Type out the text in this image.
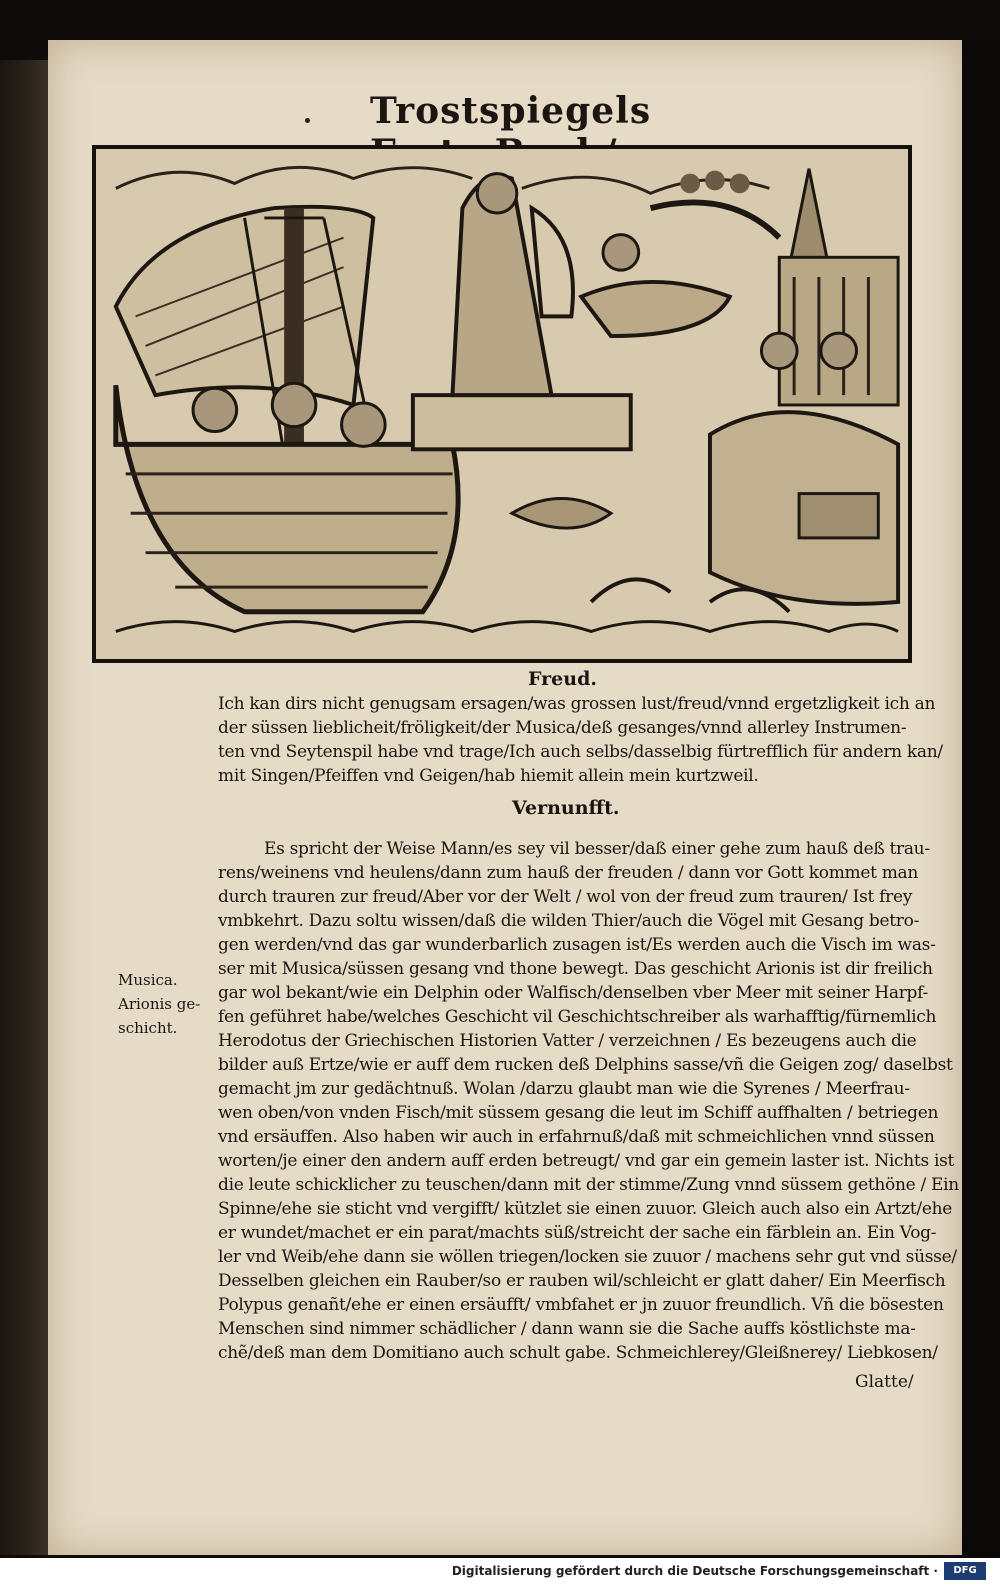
Trostspiegels
Freud.
Ich kan dirs nicht genugsam ersagen/was grossen lust/freud/vnnd ergetzligkeit ich an
der süssen lieblicheit/fröligkeit/der Musica/deß gesanges/vnnd allerley Instrumen-
ten vnd Seytenspil habe vnd trage/Ich auch selbs/dasselbig fürtrefflich für andern kan/
mit Singen/Pfeiffen vnd Geigen/hab hiemit allein mein kurtzweil.
Vernunfft.
Es spricht der Weise Mann/es sey vil besser/daß einer gehe zum hauß deß trau-
rens/weinens vnd heulens/dann zum hauß der freuden / dann vor Gott kommet man
durch trauren zur freud/Aber vor der Welt / wol von der freud zum trauren/ Ist frey
vmbkehrt. Dazu soltu wissen/daß die wilden Thier/auch die Vögel mit Gesang betro-
gen werden/vnd das gar wunderbarlich zusagen ist/Es werden auch die Visch im was-
ser mit Musica/süssen gesang vnd thone bewegt. Das geschicht Arionis ist dir freilich
gar wol bekant/wie ein Delphin oder Walfisch/denselben vber Meer mit seiner Harpf-
fen geführet habe/welches Geschicht vil Geschichtschreiber als warhafftig/fürnemlich
Herodotus der Griechischen Historien Vatter / verzeichnen / Es bezeugens auch die
bilder auß Ertze/wie er auff dem rucken deß Delphins sasse/vñ die Geigen zog/ daselbst
gemacht jm zur gedächtnuß. Wolan /darzu glaubt man wie die Syrenes / Meerfrau-
wen oben/von vnden Fisch/mit süssem gesang die leut im Schiff auffhalten / betriegen
vnd ersäuffen. Also haben wir auch in erfahrnuß/daß mit schmeichlichen vnnd süssen
worten/je einer den andern auff erden betreugt/ vnd gar ein gemein laster ist. Nichts ist
die leute schicklicher zu teuschen/dann mit der stimme/Zung vnnd süssem gethöne / Ein
Spinne/ehe sie sticht vnd vergifft/ kützlet sie einen zuuor. Gleich auch also ein Artzt/ehe
er wundet/machet er ein parat/machts süß/streicht der sache ein färblein an. Ein Vog-
ler vnd Weib/ehe dann sie wöllen triegen/locken sie zuuor / machens sehr gut vnd süsse/
Desselben gleichen ein Rauber/so er rauben wil/schleicht er glatt daher/ Ein Meerfisch
Polypus genañt/ehe er einen ersäufft/ vmbfahet er jn zuuor freundlich. Vñ die bösesten
Menschen sind nimmer schädlicher / dann wann sie die Sache auffs köstlichste ma-
chẽ/deß man dem Domitiano auch schult gabe. Schmeichlerey/Gleißnerey/ Liebkosen/
Glatte/
Musica.
Arionis ge-
schicht.
Digitalisierung gefördert durch die Deutsche Forschungsgemeinschaft ·	DFG
